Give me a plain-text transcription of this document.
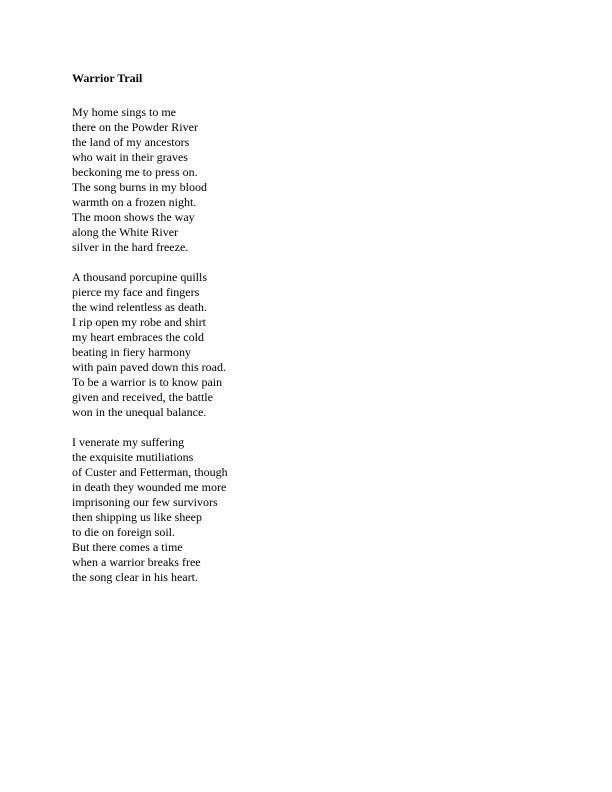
Warrior Trail
My home sings to me
there on the Powder River
the land of my ancestors
who wait in their graves
beckoning me to press on.
The song burns in my blood
warmth on a frozen night.
The moon shows the way
along the White River
silver in the hard freeze.
A thousand porcupine quills
pierce my face and fingers
the wind relentless as death.
I rip open my robe and shirt
my heart embraces the cold
beating in fiery harmony
with pain paved down this road.
To be a warrior is to know pain
given and received, the battle
won in the unequal balance.
I venerate my suffering
the exquisite mutiliations
of Custer and Fetterman, though
in death they wounded me more
imprisoning our few survivors
then shipping us like sheep
to die on foreign soil.
But there comes a time
when a warrior breaks free
the song clear in his heart.
